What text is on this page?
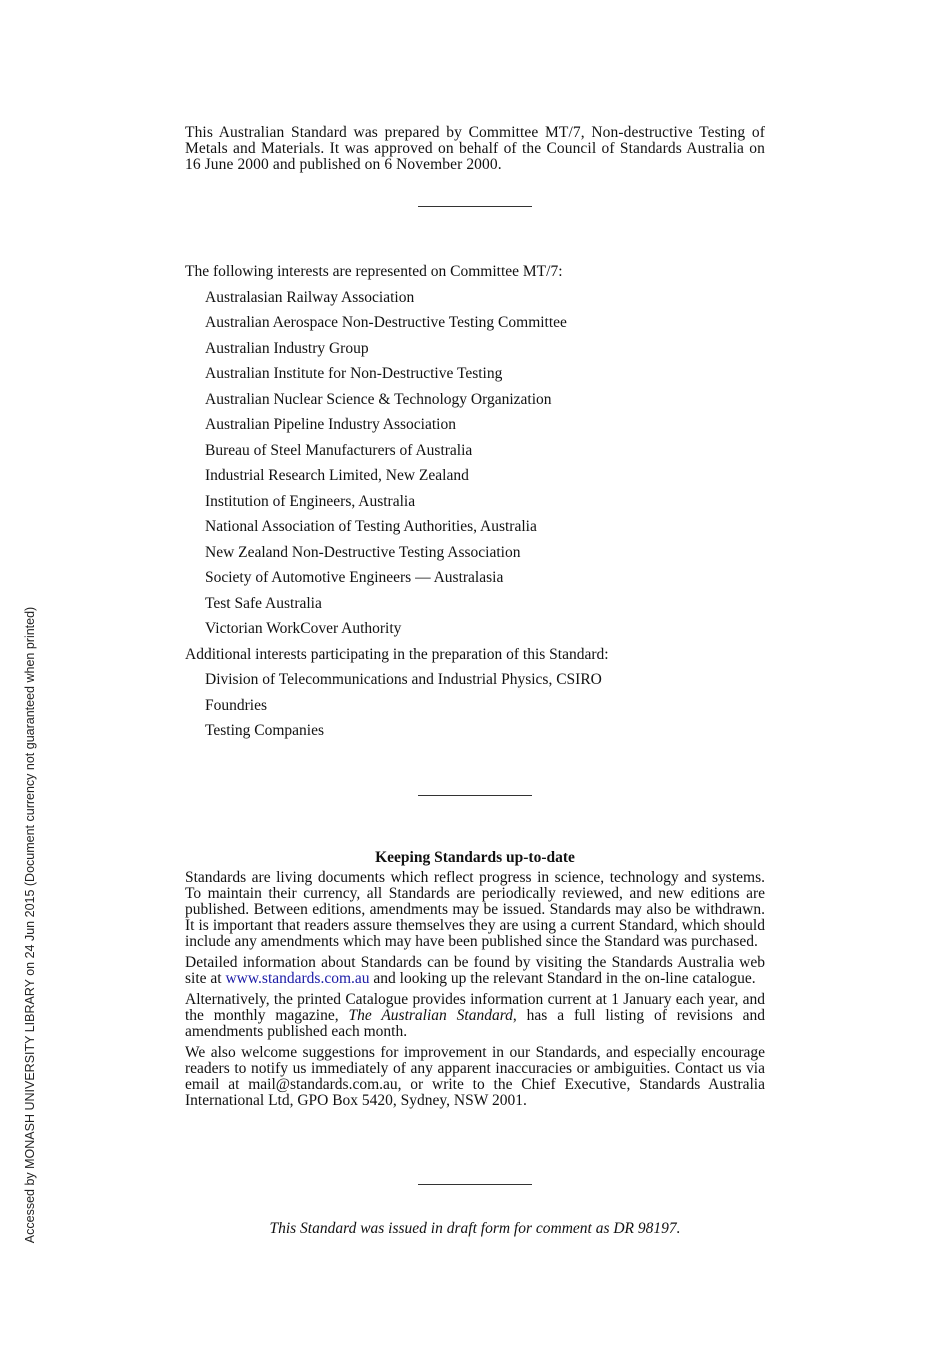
This Australian Standard was prepared by Committee MT/7, Non-destructive Testing of Metals and Materials. It was approved on behalf of the Council of Standards Australia on 16 June 2000 and published on 6 November 2000.

The following interests are represented on Committee MT/7:

Australasian Railway Association
Australian Aerospace Non-Destructive Testing Committee
Australian Industry Group
Australian Institute for Non-Destructive Testing
Australian Nuclear Science & Technology Organization
Australian Pipeline Industry Association
Bureau of Steel Manufacturers of Australia
Industrial Research Limited, New Zealand
Institution of Engineers, Australia
National Association of Testing Authorities, Australia
New Zealand Non-Destructive Testing Association
Society of Automotive Engineers — Australasia
Test Safe Australia
Victorian WorkCover Authority

Additional interests participating in the preparation of this Standard:

Division of Telecommunications and Industrial Physics, CSIRO
Foundries
Testing Companies
Keeping Standards up-to-date

Standards are living documents which reflect progress in science, technology and systems. To maintain their currency, all Standards are periodically reviewed, and new editions are published. Between editions, amendments may be issued. Standards may also be withdrawn. It is important that readers assure themselves they are using a current Standard, which should include any amendments which may have been published since the Standard was purchased.

Detailed information about Standards can be found by visiting the Standards Australia web site at www.standards.com.au and looking up the relevant Standard in the on-line catalogue.

Alternatively, the printed Catalogue provides information current at 1 January each year, and the monthly magazine, The Australian Standard, has a full listing of revisions and amendments published each month.

We also welcome suggestions for improvement in our Standards, and especially encourage readers to notify us immediately of any apparent inaccuracies or ambiguities. Contact us via email at mail@standards.com.au, or write to the Chief Executive, Standards Australia International Ltd, GPO Box 5420, Sydney, NSW 2001.

This Standard was issued in draft form for comment as DR 98197.
Accessed by MONASH UNIVERSITY LIBRARY on 24 Jun 2015 (Document currency not guaranteed when printed)
